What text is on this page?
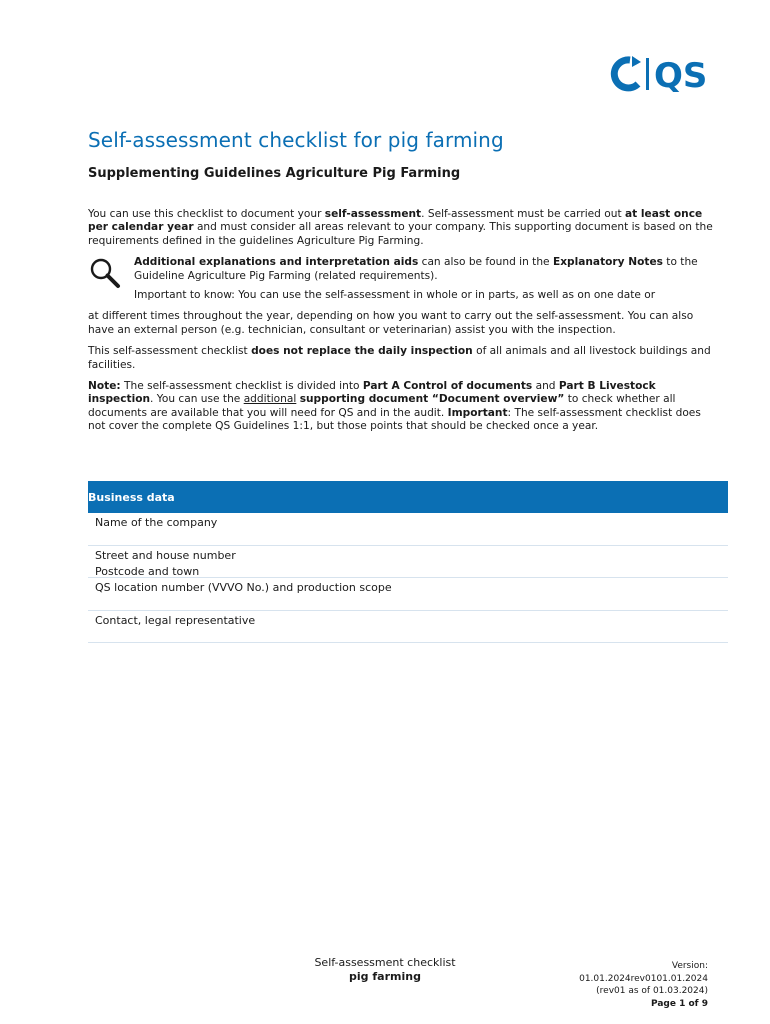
QS
Self-assessment checklist for pig farming
Supplementing Guidelines Agriculture Pig Farming

You can use this checklist to document your self-assessment. Self-assessment must be carried out at least once per calendar year and must consider all areas relevant to your company. This supporting document is based on the requirements defined in the guidelines Agriculture Pig Farming.

Additional explanations and interpretation aids can also be found in the Explanatory Notes to the Guideline Agriculture Pig Farming (related requirements).

Important to know: You can use the self-assessment in whole or in parts, as well as on one date or

at different times throughout the year, depending on how you want to carry out the self-assessment. You can also have an external person (e.g. technician, consultant or veterinarian) assist you with the inspection.

This self-assessment checklist does not replace the daily inspection of all animals and all livestock buildings and facilities.

Note: The self-assessment checklist is divided into Part A Control of documents and Part B Livestock inspection. You can use the additional supporting document “Document overview” to check whether all documents are available that you will need for QS and in the audit. Important: The self-assessment checklist does not cover the complete QS Guidelines 1:1, but those points that should be checked once a year.

Business data
Name of the company
Street and house number
Postcode and town
QS location number (VVVO No.) and production scope
Contact, legal representative
Self-assessment checklist
pig farming
Version:
01.01.2024rev0101.01.2024
(rev01 as of 01.03.2024)
Page 1 of 9
